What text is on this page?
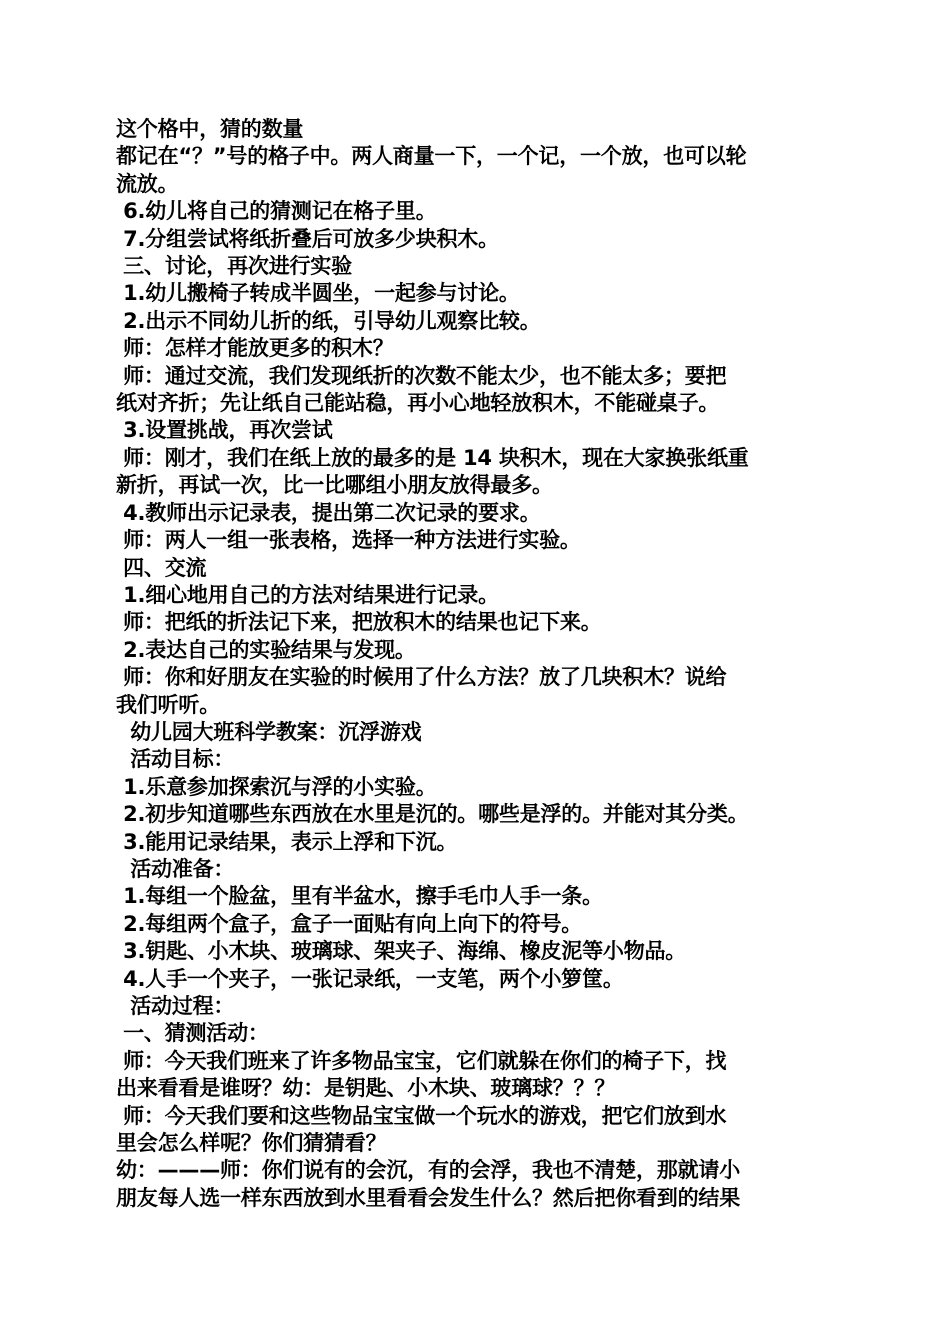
这个格中，猜的数量

都记在“？”号的格子中。两人商量一下，一个记，一个放，也可以轮

流放。

6.幼儿将自己的猜测记在格子里。

7.分组尝试将纸折叠后可放多少块积木。

三、讨论，再次进行实验

1.幼儿搬椅子转成半圆坐，一起参与讨论。

2.出示不同幼儿折的纸，引导幼儿观察比较。

师：怎样才能放更多的积木？

师：通过交流，我们发现纸折的次数不能太少，也不能太多；要把

纸对齐折；先让纸自己能站稳，再小心地轻放积木，不能碰桌子。

3.设置挑战，再次尝试

师：刚才，我们在纸上放的最多的是 14 块积木，现在大家换张纸重

新折，再试一次，比一比哪组小朋友放得最多。

4.教师出示记录表，提出第二次记录的要求。

师：两人一组一张表格，选择一种方法进行实验。

四、交流

1.细心地用自己的方法对结果进行记录。

师：把纸的折法记下来，把放积木的结果也记下来。

2.表达自己的实验结果与发现。

师：你和好朋友在实验的时候用了什么方法？放了几块积木？说给

我们听听。

幼儿园大班科学教案：沉浮游戏

活动目标：

1.乐意参加探索沉与浮的小实验。

2.初步知道哪些东西放在水里是沉的。哪些是浮的。并能对其分类。

3.能用记录结果，表示上浮和下沉。

活动准备：

1.每组一个脸盆，里有半盆水，擦手毛巾人手一条。

2.每组两个盒子，盒子一面贴有向上向下的符号。

3.钥匙、小木块、玻璃球、架夹子、海绵、橡皮泥等小物品。

4.人手一个夹子，一张记录纸，一支笔，两个小箩筐。

活动过程：

一、猜测活动：

师：今天我们班来了许多物品宝宝，它们就躲在你们的椅子下，找

出来看看是谁呀？幼：是钥匙、小木块、玻璃球？？？

师：今天我们要和这些物品宝宝做一个玩水的游戏，把它们放到水

里会怎么样呢？你们猜猜看？

幼：———师：你们说有的会沉，有的会浮，我也不清楚，那就请小

朋友每人选一样东西放到水里看看会发生什么？然后把你看到的结果
